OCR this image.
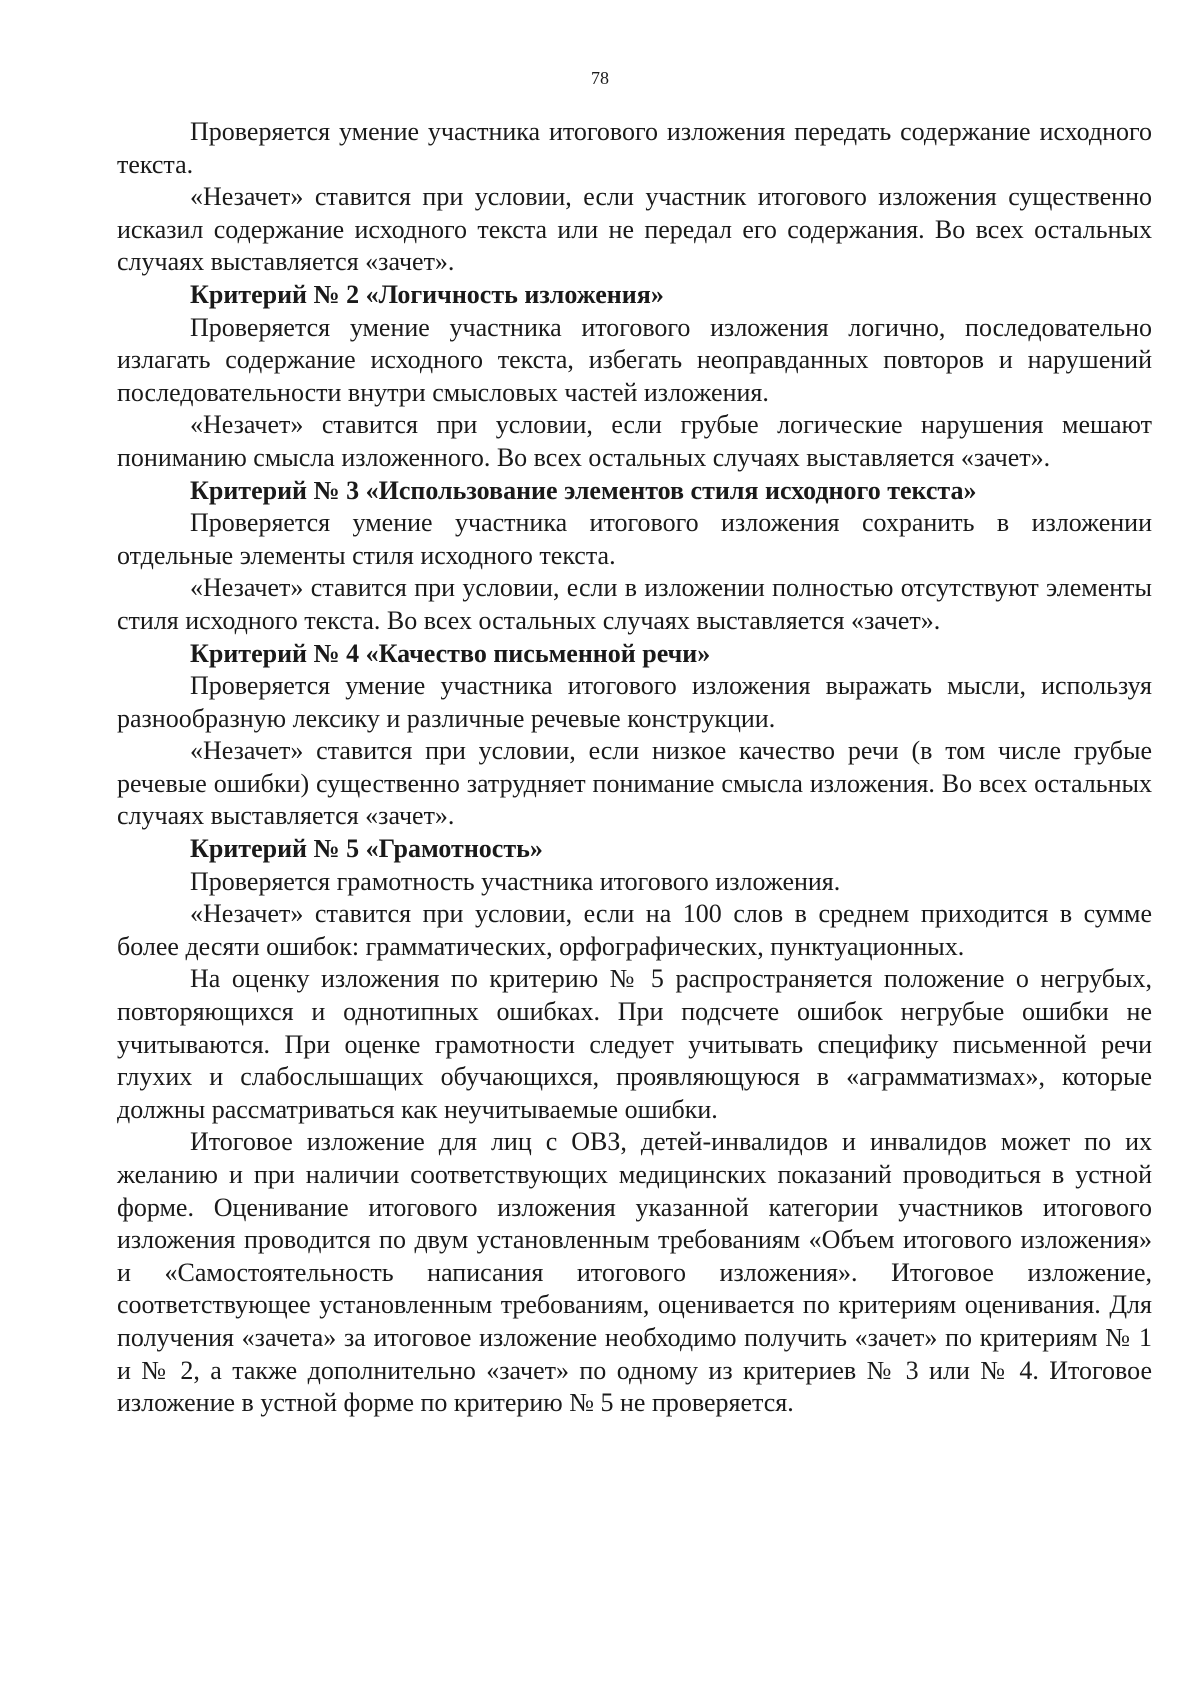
78

Проверяется умение участника итогового изложения передать содержание исходного текста.

«Незачет» ставится при условии, если участник итогового изложения существенно исказил содержание исходного текста или не передал его содержания. Во всех остальных случаях выставляется «зачет».

Критерий № 2 «Логичность изложения»

Проверяется умение участника итогового изложения логично, последовательно излагать содержание исходного текста, избегать неоправданных повторов и нарушений последовательности внутри смысловых частей изложения.

«Незачет» ставится при условии, если грубые логические нарушения мешают пониманию смысла изложенного. Во всех остальных случаях выставляется «зачет».

Критерий № 3 «Использование элементов стиля исходного текста»

Проверяется умение участника итогового изложения сохранить в изложении отдельные элементы стиля исходного текста.

«Незачет» ставится при условии, если в изложении полностью отсутствуют элементы стиля исходного текста. Во всех остальных случаях выставляется «зачет».

Критерий № 4 «Качество письменной речи»

Проверяется умение участника итогового изложения выражать мысли, используя разнообразную лексику и различные речевые конструкции.

«Незачет» ставится при условии, если низкое качество речи (в том числе грубые речевые ошибки) существенно затрудняет понимание смысла изложения. Во всех остальных случаях выставляется «зачет».

Критерий № 5 «Грамотность»

Проверяется грамотность участника итогового изложения.

«Незачет» ставится при условии, если на 100 слов в среднем приходится в сумме более десяти ошибок: грамматических, орфографических, пунктуационных.

На оценку изложения по критерию № 5 распространяется положение о негрубых, повторяющихся и однотипных ошибках. При подсчете ошибок негрубые ошибки не учитываются. При оценке грамотности следует учитывать специфику письменной речи глухих и слабослышащих обучающихся, проявляющуюся в «аграмматизмах», которые должны рассматриваться как неучитываемые ошибки.

Итоговое изложение для лиц с ОВЗ, детей-инвалидов и инвалидов может по их желанию и при наличии соответствующих медицинских показаний проводиться в устной форме. Оценивание итогового изложения указанной категории участников итогового изложения проводится по двум установленным требованиям «Объем итогового изложения» и «Самостоятельность написания итогового изложения». Итоговое изложение, соответствующее установленным требованиям, оценивается по критериям оценивания. Для получения «зачета» за итоговое изложение необходимо получить «зачет» по критериям № 1 и № 2, а также дополнительно «зачет» по одному из критериев № 3 или № 4. Итоговое изложение в устной форме по критерию № 5 не проверяется.
